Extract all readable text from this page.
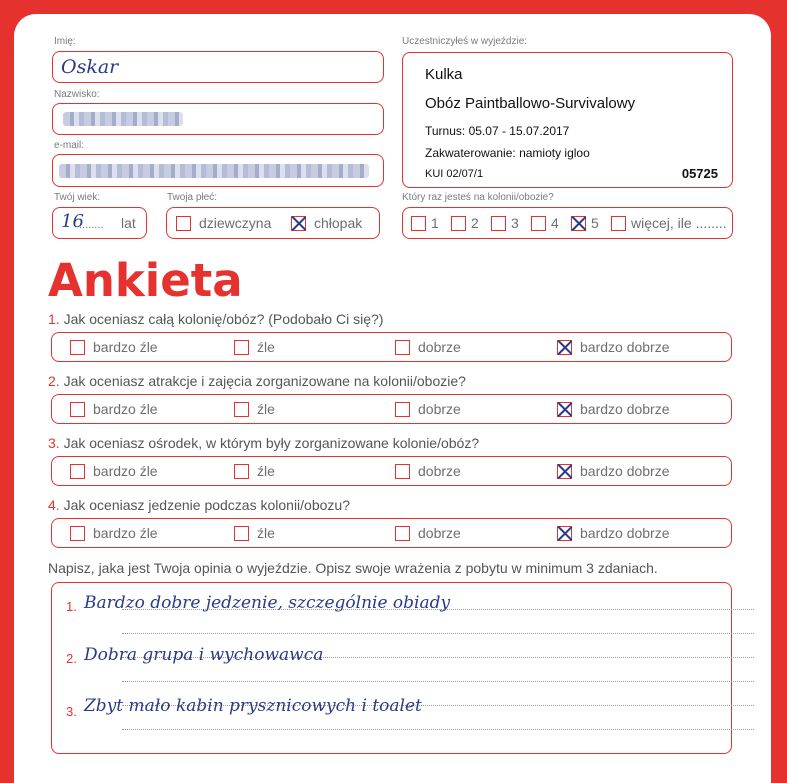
Imię:
Oskar
Nazwisko:
e-mail:
Twój wiek:
16
........ lat
Twoja płeć:
dziewczyna	chłopak
Uczestniczyłeś w wyjeździe:
Kulka
Obóz Paintballowo-Survivalowy
Turnus: 05.07 - 15.07.2017
Zakwaterowanie: namioty igloo
KUI 02/07/1	05725
Który raz jesteś na kolonii/obozie?
1 2 3 4 5 więcej, ile ........
Ankieta
1. Jak oceniasz całą kolonię/obóz? (Podobało Ci się?)
bardzo źle	źle	dobrze	bardzo dobrze
2. Jak oceniasz atrakcje i zajęcia zorganizowane na kolonii/obozie?
bardzo źle	źle	dobrze	bardzo dobrze
3. Jak oceniasz ośrodek, w którym były zorganizowane kolonie/obóz?
bardzo źle	źle	dobrze	bardzo dobrze
4. Jak oceniasz jedzenie podczas kolonii/obozu?
bardzo źle	źle	dobrze	bardzo dobrze
Napisz, jaka jest Twoja opinia o wyjeździe. Opisz swoje wrażenia z pobytu w minimum 3 zdaniach.
1. Bardzo dobre jedzenie, szczególnie obiady
2. Dobra grupa i wychowawca
3. Zbyt mało kabin prysznicowych i toalet
